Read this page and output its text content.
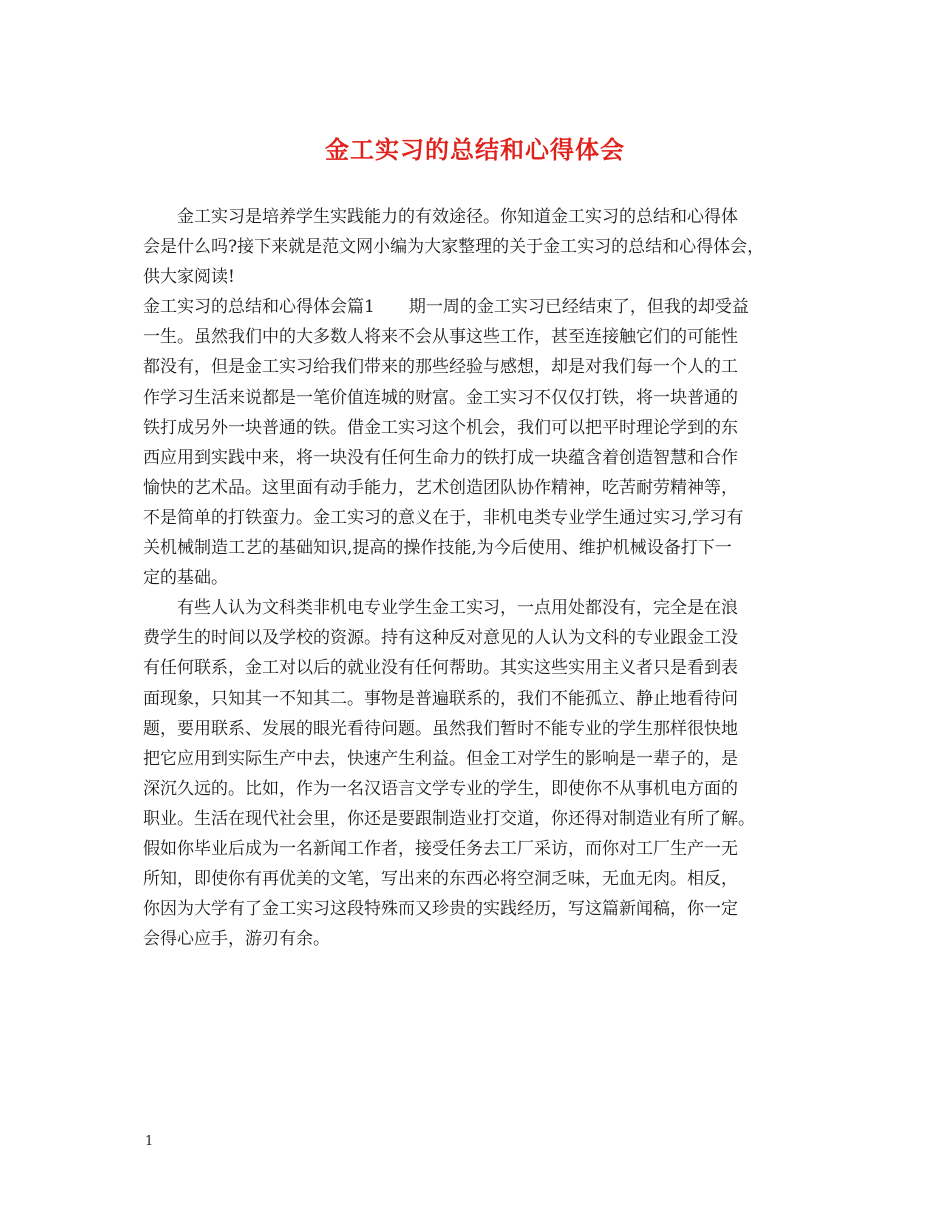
金工实习的总结和心得体会
　　金工实习是培养学生实践能力的有效途径。你知道金工实习的总结和心得体
会是什么吗?接下来就是范文网小编为大家整理的关于金工实习的总结和心得体会，
供大家阅读!
金工实习的总结和心得体会篇1　　期一周的金工实习已经结束了，但我的却受益
一生。虽然我们中的大多数人将来不会从事这些工作，甚至连接触它们的可能性
都没有，但是金工实习给我们带来的那些经验与感想，却是对我们每一个人的工
作学习生活来说都是一笔价值连城的财富。金工实习不仅仅打铁，将一块普通的
铁打成另外一块普通的铁。借金工实习这个机会，我们可以把平时理论学到的东
西应用到实践中来，将一块没有任何生命力的铁打成一块蕴含着创造智慧和合作
愉快的艺术品。这里面有动手能力，艺术创造团队协作精神，吃苦耐劳精神等，
不是简单的打铁蛮力。金工实习的意义在于，非机电类专业学生通过实习,学习有
关机械制造工艺的基础知识,提高的操作技能,为今后使用、维护机械设备打下一
定的基础。
　　有些人认为文科类非机电专业学生金工实习，一点用处都没有，完全是在浪
费学生的时间以及学校的资源。持有这种反对意见的人认为文科的专业跟金工没
有任何联系，金工对以后的就业没有任何帮助。其实这些实用主义者只是看到表
面现象，只知其一不知其二。事物是普遍联系的，我们不能孤立、静止地看待问
题，要用联系、发展的眼光看待问题。虽然我们暂时不能专业的学生那样很快地
把它应用到实际生产中去，快速产生利益。但金工对学生的影响是一辈子的，是
深沉久远的。比如，作为一名汉语言文学专业的学生，即使你不从事机电方面的
职业。生活在现代社会里，你还是要跟制造业打交道，你还得对制造业有所了解。
假如你毕业后成为一名新闻工作者，接受任务去工厂采访，而你对工厂生产一无
所知，即使你有再优美的文笔，写出来的东西必将空洞乏味，无血无肉。相反，
你因为大学有了金工实习这段特殊而又珍贵的实践经历，写这篇新闻稿，你一定
会得心应手，游刃有余。
1
